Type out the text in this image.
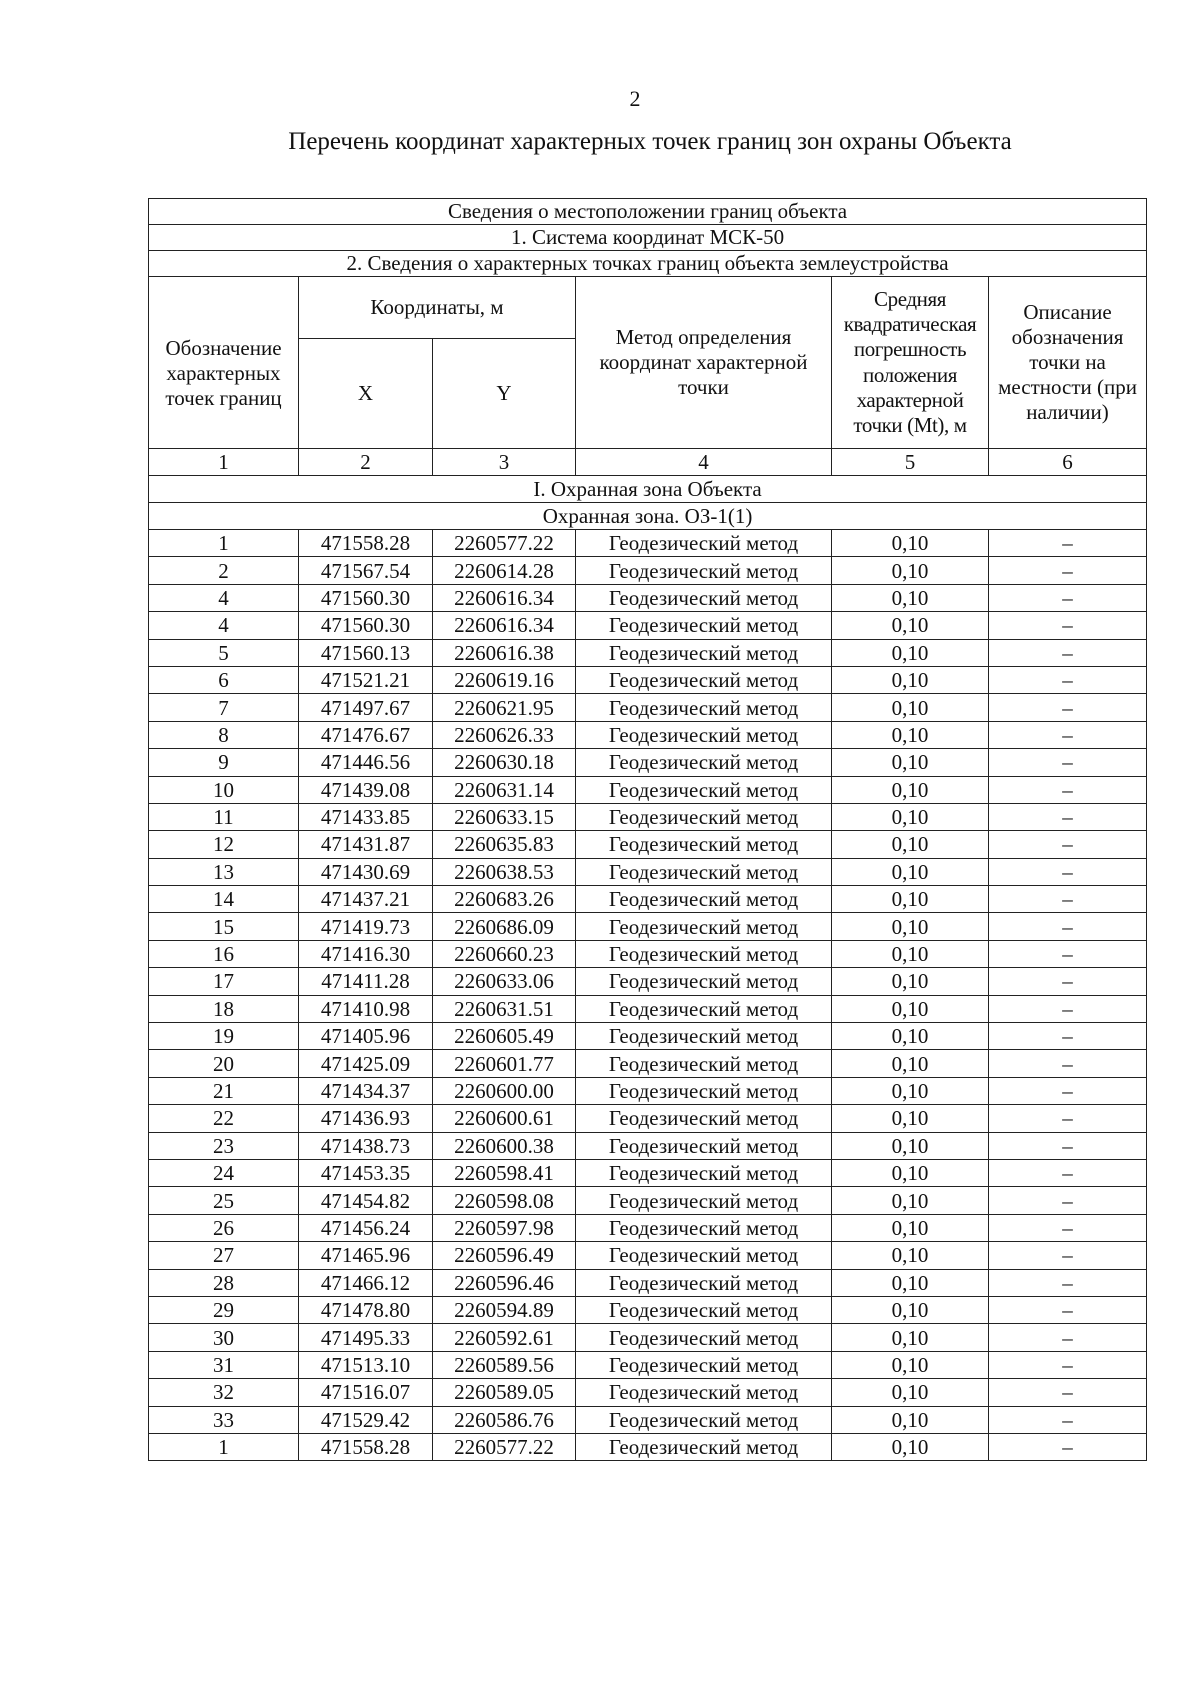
2
Перечень координат характерных точек границ зон охраны Объекта
Сведения о местоположении границ объекта					
1. Система координат МСК-50					
2. Сведения о характерных точках границ объекта землеустройства					
Обозначение характерных точек границ	Координаты, м		Метод определения координат характерной точки	Средняя квадратическая погрешность положения характерной точки (Mt), м	Описание обозначения точки на местности (при наличии)
	X	Y			
1	2	3	4	5	6
I. Охранная зона Объекта					
Охранная зона. ОЗ-1(1)					
1	471558.28	2260577.22	Геодезический метод	0,10	–
2	471567.54	2260614.28	Геодезический метод	0,10	–
4	471560.30	2260616.34	Геодезический метод	0,10	–
4	471560.30	2260616.34	Геодезический метод	0,10	–
5	471560.13	2260616.38	Геодезический метод	0,10	–
6	471521.21	2260619.16	Геодезический метод	0,10	–
7	471497.67	2260621.95	Геодезический метод	0,10	–
8	471476.67	2260626.33	Геодезический метод	0,10	–
9	471446.56	2260630.18	Геодезический метод	0,10	–
10	471439.08	2260631.14	Геодезический метод	0,10	–
11	471433.85	2260633.15	Геодезический метод	0,10	–
12	471431.87	2260635.83	Геодезический метод	0,10	–
13	471430.69	2260638.53	Геодезический метод	0,10	–
14	471437.21	2260683.26	Геодезический метод	0,10	–
15	471419.73	2260686.09	Геодезический метод	0,10	–
16	471416.30	2260660.23	Геодезический метод	0,10	–
17	471411.28	2260633.06	Геодезический метод	0,10	–
18	471410.98	2260631.51	Геодезический метод	0,10	–
19	471405.96	2260605.49	Геодезический метод	0,10	–
20	471425.09	2260601.77	Геодезический метод	0,10	–
21	471434.37	2260600.00	Геодезический метод	0,10	–
22	471436.93	2260600.61	Геодезический метод	0,10	–
23	471438.73	2260600.38	Геодезический метод	0,10	–
24	471453.35	2260598.41	Геодезический метод	0,10	–
25	471454.82	2260598.08	Геодезический метод	0,10	–
26	471456.24	2260597.98	Геодезический метод	0,10	–
27	471465.96	2260596.49	Геодезический метод	0,10	–
28	471466.12	2260596.46	Геодезический метод	0,10	–
29	471478.80	2260594.89	Геодезический метод	0,10	–
30	471495.33	2260592.61	Геодезический метод	0,10	–
31	471513.10	2260589.56	Геодезический метод	0,10	–
32	471516.07	2260589.05	Геодезический метод	0,10	–
33	471529.42	2260586.76	Геодезический метод	0,10	–
1	471558.28	2260577.22	Геодезический метод	0,10	–
